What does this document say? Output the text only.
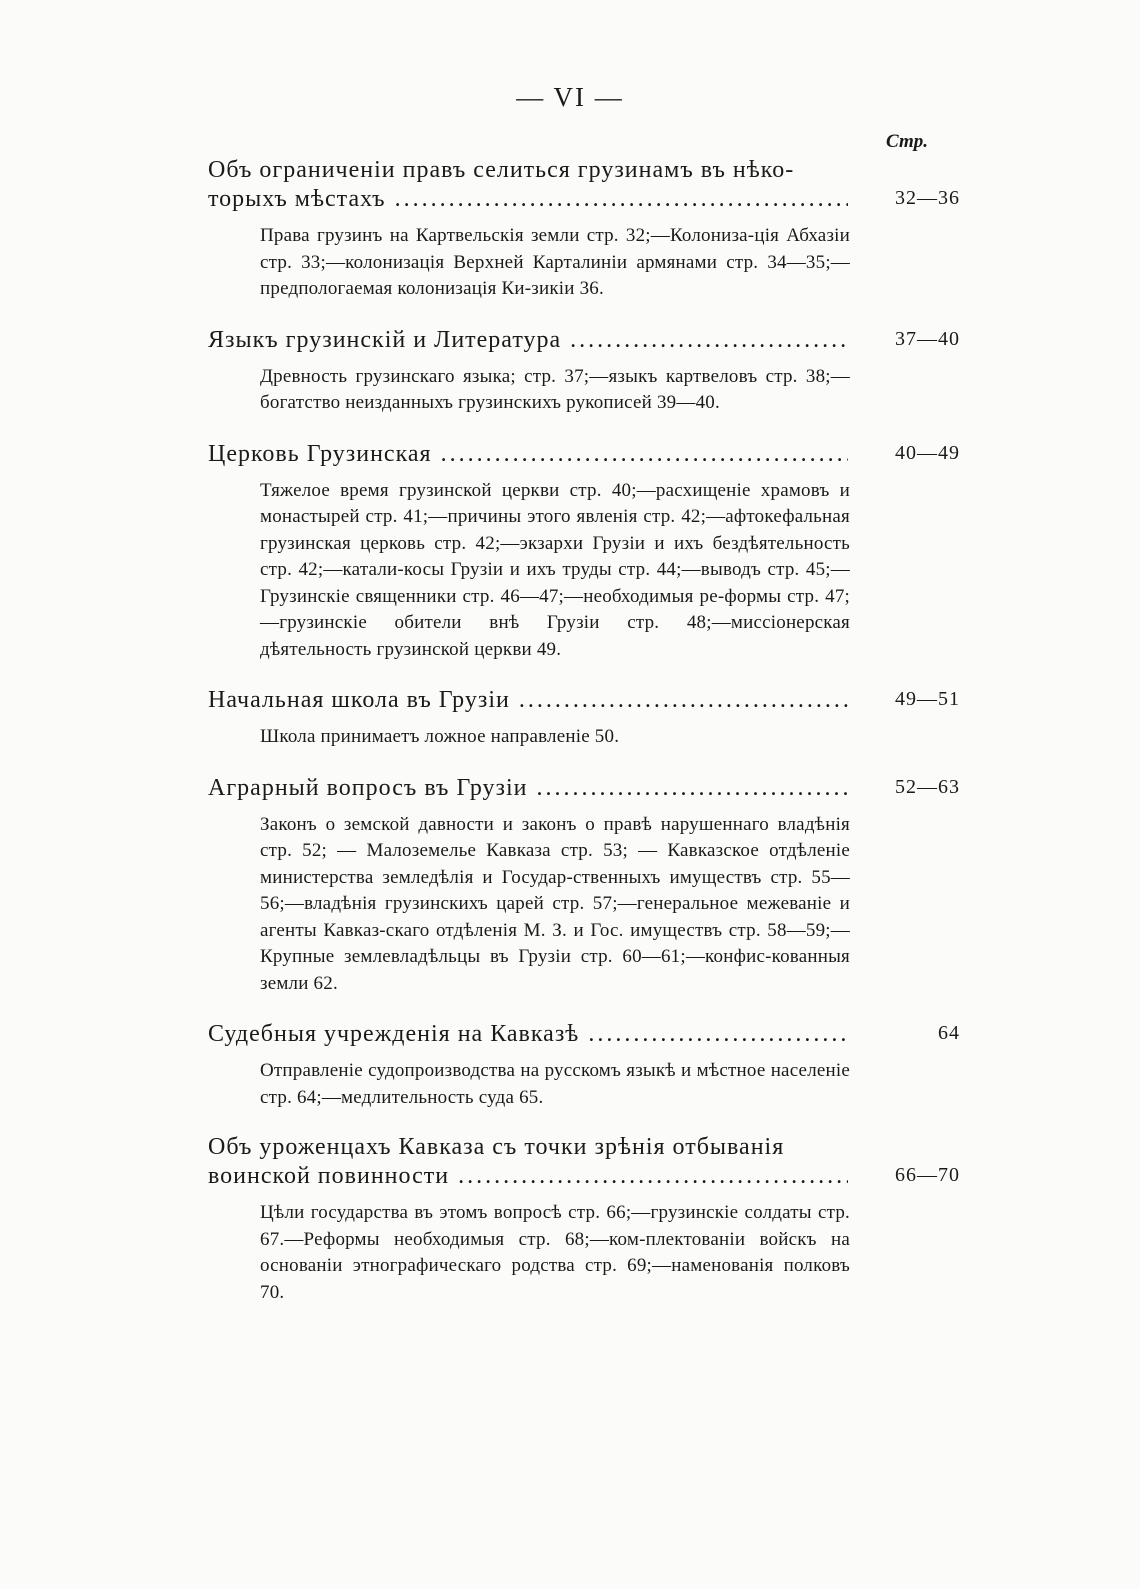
— VI —
Стр.
Объ ограниченіи правъ селиться грузинамъ въ нѣко-
торыхъ мѣстахъ .....	32—36
Права грузинъ на Картвельскія земли стр. 32;—Колониза-ція Абхазіи стр. 33;—колонизація Верхней Карталиніи армянами стр. 34—35;—предпологаемая колонизація Ки-зикіи 36.
Языкъ грузинскій и Литература .....	37—40
Древность грузинскаго языка; стр. 37;—языкъ картвеловъ стр. 38;—богатство неизданныхъ грузинскихъ рукописей 39—40.
Церковь Грузинская .....	40—49
Тяжелое время грузинской церкви стр. 40;—расхищеніе храмовъ и монастырей стр. 41;—причины этого явленія стр. 42;—афтокефальная грузинская церковь стр. 42;—экзархи Грузіи и ихъ бездѣятельность стр. 42;—катали-косы Грузіи и ихъ труды стр. 44;—выводъ стр. 45;—Грузинскіе священники стр. 46—47;—необходимыя ре-формы стр. 47;—грузинскіе обители внѣ Грузіи стр. 48;—миссіонерская дѣятельность грузинской церкви 49.
Начальная школа въ Грузіи .....	49—51
Школа принимаетъ ложное направленіе 50.
Аграрный вопросъ въ Грузіи .....	52—63
Законъ о земской давности и законъ о правѣ нарушеннаго владѣнія стр. 52; — Малоземелье Кавказа стр. 53; — Кавказское отдѣленіе министерства земледѣлія и Государ-ственныхъ имуществъ стр. 55—56;—владѣнія грузинскихъ царей стр. 57;—генеральное межеваніе и агенты Кавказ-скаго отдѣленія М. З. и Гос. имуществъ стр. 58—59;—Крупные землевладѣльцы въ Грузіи стр. 60—61;—конфис-кованныя земли 62.
Судебныя учрежденія на Кавказѣ .....	64
Отправленіе судопроизводства на русскомъ языкѣ и мѣстное населеніе стр. 64;—медлительность суда 65.
Объ уроженцахъ Кавказа съ точки зрѣнія отбыванія
воинской повинности .....	66—70
Цѣли государства въ этомъ вопросѣ стр. 66;—грузинскіе солдаты стр. 67.—Реформы необходимыя стр. 68;—ком-плектованіи войскъ на основаніи этнографическаго родства стр. 69;—наменованія полковъ 70.
